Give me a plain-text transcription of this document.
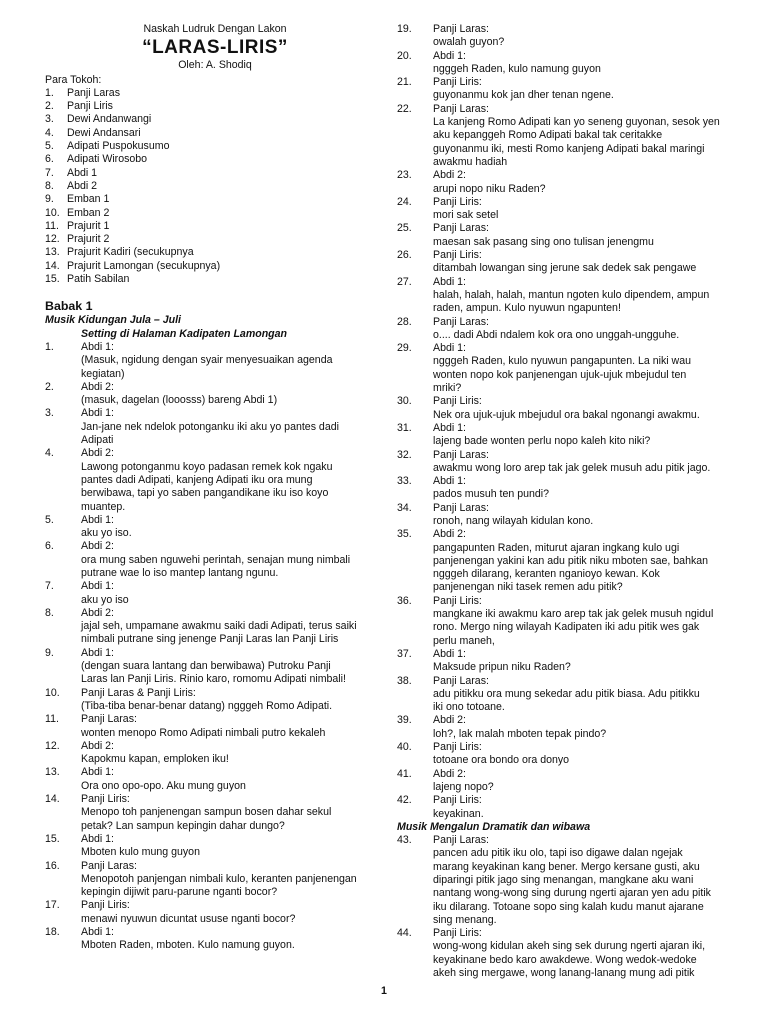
Naskah Ludruk Dengan Lakon
“LARAS-LIRIS”
Oleh: A. Shodiq
Para Tokoh:
1.	Panji Laras
2.	Panji Liris
3.	Dewi Andanwangi
4.	Dewi Andansari
5.	Adipati Puspokusumo
6.	Adipati Wirosobo
7.	Abdi 1
8.	Abdi 2
9.	Emban 1
10. Emban 2
11. Prajurit 1
12. Prajurit 2
13. Prajurit Kadiri (secukupnya
14. Prajurit Lamongan (secukupnya)
15. Patih Sabilan
Babak 1
Musik Kidungan Jula – Juli
Setting di Halaman Kadipaten Lamongan
1.	Abdi 1:
(Masuk, ngidung dengan syair menyesuaikan agenda
kegiatan)
2.	Abdi 2:
(masuk, dagelan (looosss) bareng Abdi 1)
3.	Abdi 1:
Jan-jane nek ndelok potonganku iki aku yo pantes dadi
Adipati
4.	Abdi 2:
Lawong potonganmu koyo padasan remek kok ngaku
pantes dadi Adipati, kanjeng Adipati iku ora mung
berwibawa, tapi yo saben pangandikane iku iso koyo
muantep.
5.	Abdi 1:
aku yo iso.
6.	Abdi 2:
ora mung saben nguwehi perintah, senajan mung nimbali
putrane wae lo iso mantep lantang ngunu.
7.	Abdi 1:
aku yo iso
8.	Abdi 2:
jajal seh, umpamane awakmu saiki dadi Adipati, terus saiki
nimbali putrane sing jenenge Panji Laras lan Panji Liris
9.	Abdi 1:
(dengan suara lantang dan berwibawa) Putroku Panji
Laras lan Panji Liris. Rinio karo, romomu Adipati nimbali!
10.	Panji Laras & Panji Liris:
(Tiba-tiba benar-benar datang) ngggeh Romo Adipati.
11.	Panji Laras:
wonten menopo Romo Adipati nimbali putro kekaleh
12.	Abdi 2:
Kapokmu kapan, emploken iku!
13.	Abdi 1:
Ora ono opo-opo. Aku mung guyon
14.	Panji Liris:
Menopo toh panjenengan sampun bosen dahar sekul
petak? Lan sampun kepingin dahar dungo?
15.	Abdi 1:
Mboten kulo mung guyon
16.	Panji Laras:
Menopotoh panjengan nimbali kulo, keranten panjenengan
kepingin dijiwit paru-parune nganti bocor?
17.	Panji Liris:
menawi nyuwun dicuntat ususe nganti bocor?
18.	Abdi 1:
Mboten Raden, mboten. Kulo namung guyon.
19.	Panji Laras:
owalah guyon?
20.	Abdi 1:
ngggeh Raden, kulo namung guyon
21.	Panji Liris:
guyonanmu kok jan dher tenan ngene.
22.	Panji Laras:
La kanjeng Romo Adipati kan yo seneng guyonan, sesok yen
aku kepanggeh Romo Adipati bakal tak ceritakke
guyonanmu iki, mesti Romo kanjeng Adipati bakal maringi
awakmu hadiah
23.	Abdi 2:
arupi nopo niku Raden?
24.	Panji Liris:
mori sak setel
25.	Panji Laras:
maesan sak pasang sing ono tulisan jenengmu
26.	Panji Liris:
ditambah lowangan sing jerune sak dedek sak pengawe
27.	Abdi 1:
halah, halah, halah, mantun ngoten kulo dipendem, ampun
raden, ampun. Kulo nyuwun ngapunten!
28.	Panji Laras:
o.... dadi Abdi ndalem kok ora ono unggah-ungguhe.
29.	Abdi 1:
ngggeh Raden, kulo nyuwun pangapunten. La niki wau
wonten nopo kok panjenengan ujuk-ujuk mbejudul ten
mriki?
30.	Panji Liris:
Nek ora ujuk-ujuk mbejudul ora bakal ngonangi awakmu.
31.	Abdi 1:
lajeng bade wonten perlu nopo kaleh kito niki?
32.	Panji Laras:
awakmu wong loro arep tak jak gelek musuh adu pitik jago.
33.	Abdi 1:
pados musuh ten pundi?
34.	Panji Laras:
ronoh, nang wilayah kidulan kono.
35.	Abdi 2:
pangapunten Raden, miturut ajaran ingkang kulo ugi
panjenengan yakini kan adu pitik niku mboten sae, bahkan
ngggeh dilarang, keranten nganioyo kewan. Kok
panjenengan niki tasek remen adu pitik?
36.	Panji Liris:
mangkane iki awakmu karo arep tak jak gelek musuh ngidul
rono. Mergo ning wilayah Kadipaten iki adu pitik wes gak
perlu maneh,
37.	Abdi 1:
Maksude pripun niku Raden?
38.	Panji Laras:
adu pitikku ora mung sekedar adu pitik biasa. Adu pitikku
iki ono totoane.
39.	Abdi 2:
loh?, lak malah mboten tepak pindo?
40.	Panji Liris:
totoane ora bondo ora donyo
41.	Abdi 2:
lajeng nopo?
42.	Panji Liris:
keyakinan.
Musik Mengalun Dramatik dan wibawa
43.	Panji Laras:
pancen adu pitik iku olo, tapi iso digawe dalan ngejak
marang keyakinan kang bener. Mergo kersane gusti, aku
diparingi pitik jago sing menangan, mangkane aku wani
nantang wong-wong sing durung ngerti ajaran yen adu pitik
iku dilarang. Totoane sopo sing kalah kudu manut ajarane
sing menang.
44.	Panji Liris:
wong-wong kidulan akeh sing sek durung ngerti ajaran iki,
keyakinane bedo karo awakdewe. Wong wedok-wedoke
akeh sing mergawe, wong lanang-lanang mung adi pitik
1
